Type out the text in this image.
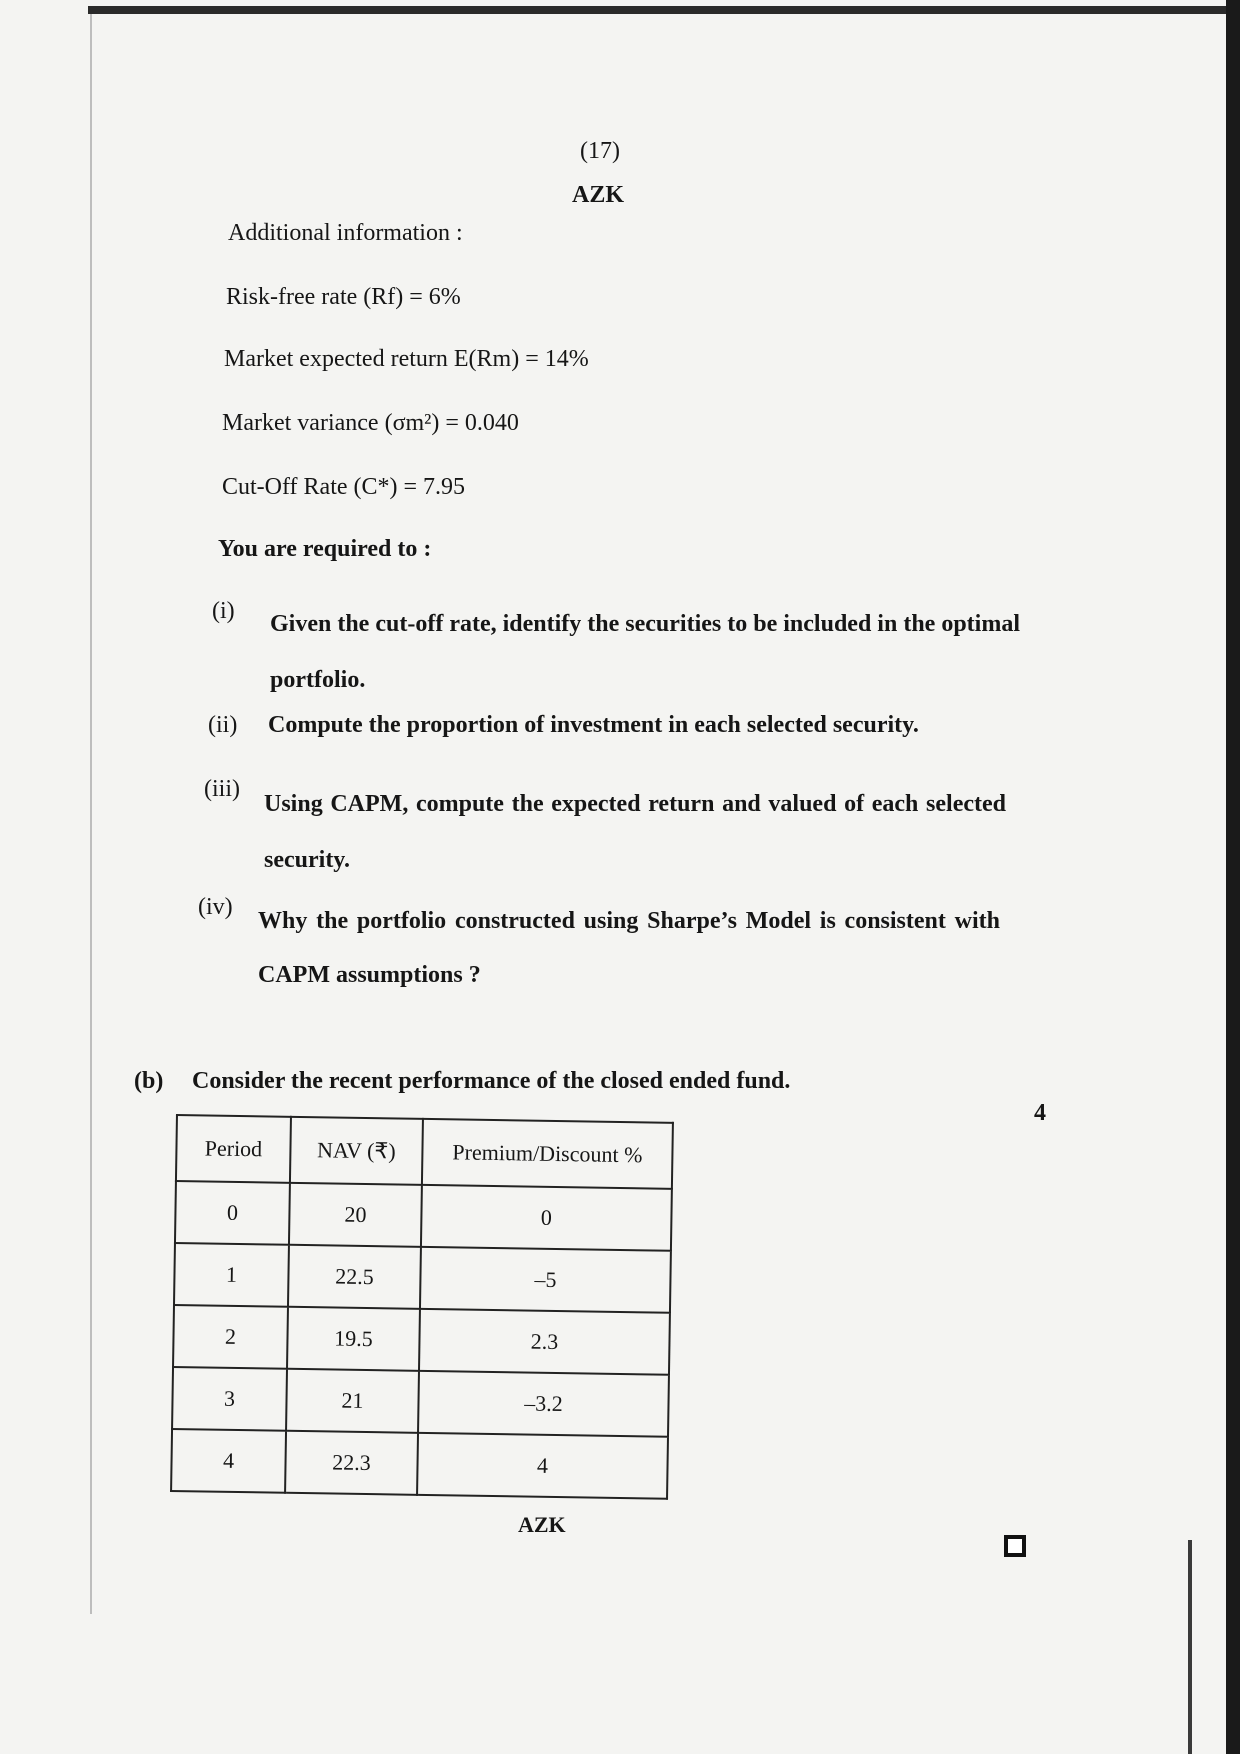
(17)
AZK
Additional information :
Risk-free rate (Rf) = 6%
Market expected return E(Rm) = 14%
Market variance (σm²) = 0.040
Cut-Off Rate (C*) = 7.95
You are required to :
(i) Given the cut-off rate, identify the securities to be included in the optimal portfolio.
(ii) Compute the proportion of investment in each selected security.
(iii)
Using CAPM, compute the expected return and valued of each selected security.
(iv)
Why the portfolio constructed using Sharpe’s Model is consistent with CAPM assumptions ?
(b) Consider the recent performance of the closed ended fund.
4
Period	NAV (₹)	Premium/Discount %
0	20	0
1	22.5	–5
2	19.5	2.3
3	21	–3.2
4	22.3	4
AZK
